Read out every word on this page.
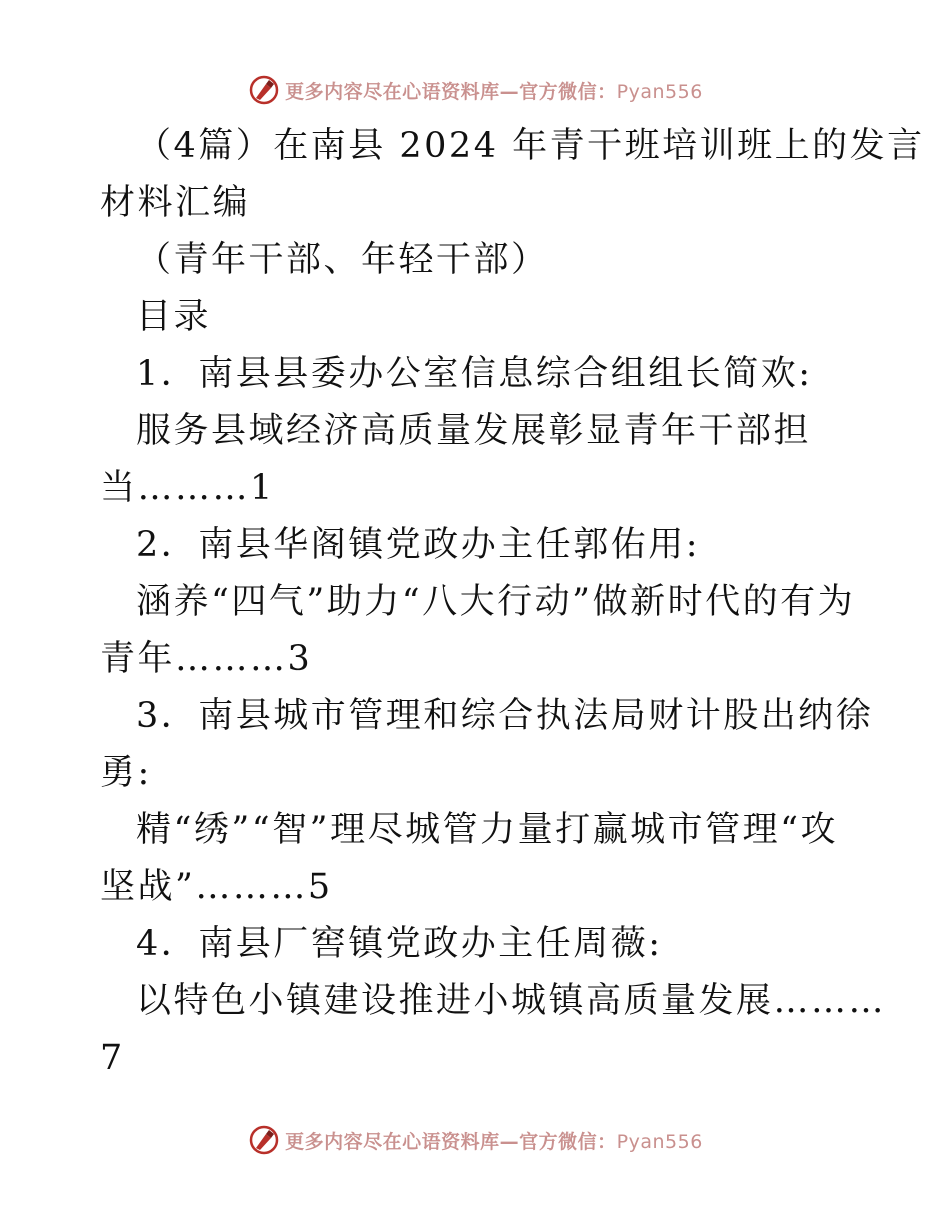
更多内容尽在心语资料库—官方微信：Pyan556
（4篇）在南县 2024 年青干班培训班上的发言
材料汇编
（青年干部、年轻干部）
目录
1．南县县委办公室信息综合组组长简欢:
服务县域经济高质量发展彰显青年干部担
当………1
2．南县华阁镇党政办主任郭佑用:
涵养“四气”助力“八大行动”做新时代的有为
青年………3
3．南县城市管理和综合执法局财计股出纳徐
勇:
精“绣”“智”理尽城管力量打赢城市管理“攻
坚战”………5
4．南县厂窖镇党政办主任周薇:
以特色小镇建设推进小城镇高质量发展………
7
更多内容尽在心语资料库—官方微信：Pyan556
